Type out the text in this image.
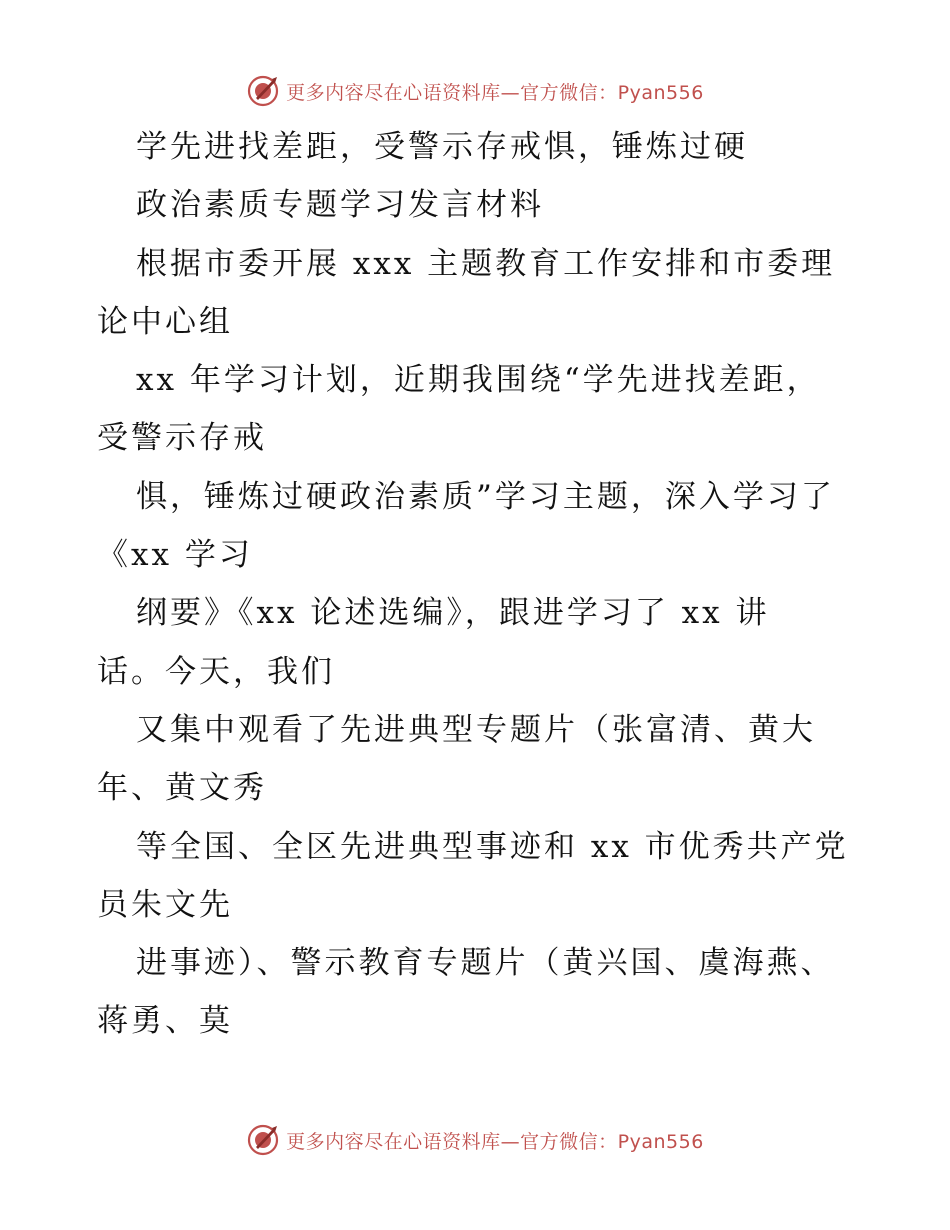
更多内容尽在心语资料库—官方微信：Pyan556
学先进找差距，受警示存戒惧，锤炼过硬
政治素质专题学习发言材料
根据市委开展 xxx 主题教育工作安排和市委理
论中心组
xx 年学习计划，近期我围绕“学先进找差距，
受警示存戒
惧，锤炼过硬政治素质”学习主题，深入学习了
《xx 学习
纲要》《xx 论述选编》，跟进学习了 xx 讲
话。今天，我们
又集中观看了先进典型专题片（张富清、黄大
年、黄文秀
等全国、全区先进典型事迹和 xx 市优秀共产党
员朱文先
进事迹）、警示教育专题片（黄兴国、虞海燕、
蒋勇、莫
更多内容尽在心语资料库—官方微信：Pyan556
